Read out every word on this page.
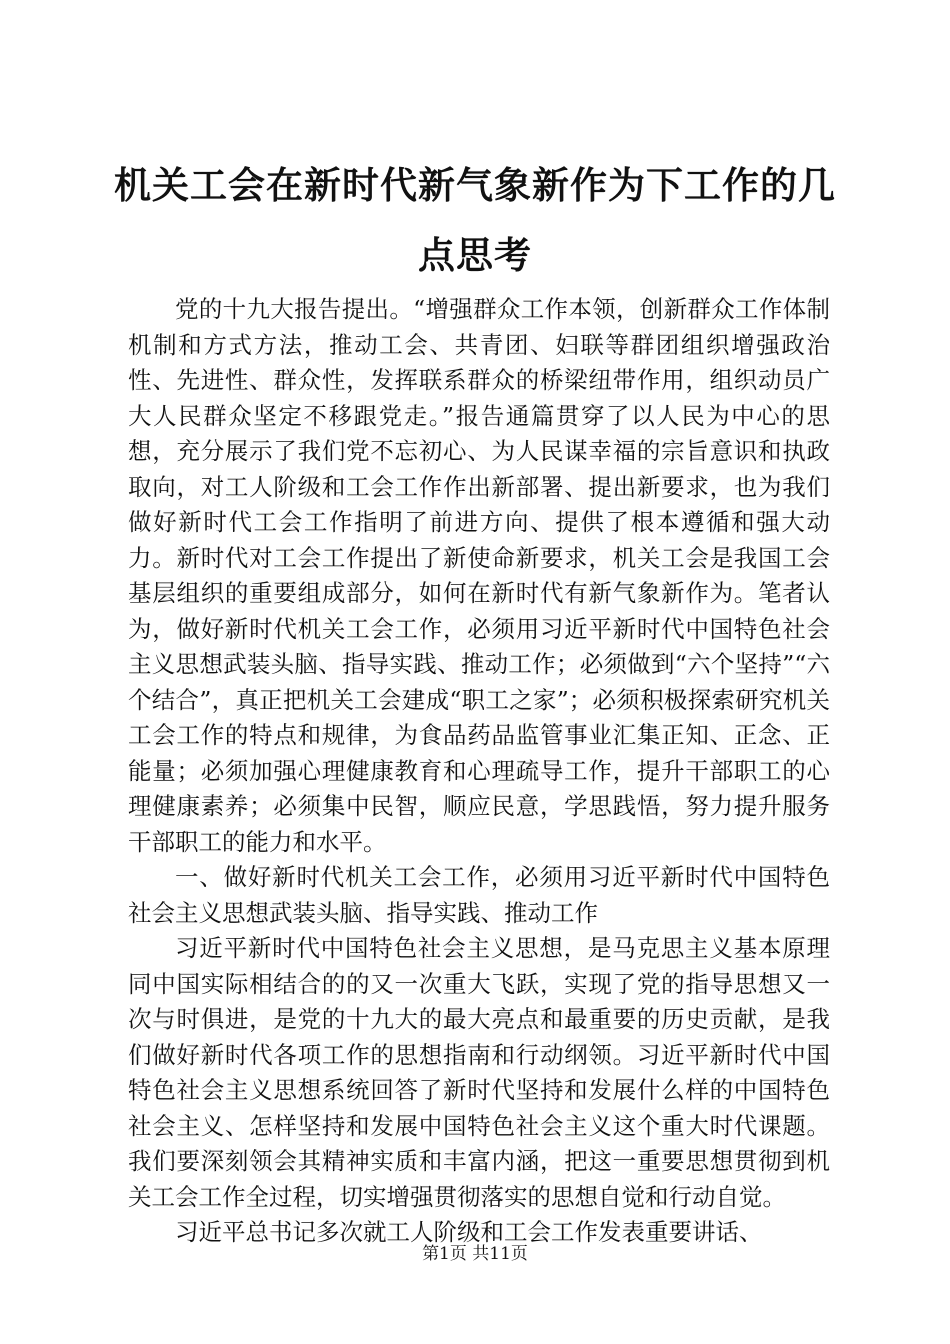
机关工会在新时代新气象新作为下工作的几点思考

党的十九大报告提出。“增强群众工作本领，创新群众工作体制机制和方式方法，推动工会、共青团、妇联等群团组织增强政治性、先进性、群众性，发挥联系群众的桥梁纽带作用，组织动员广大人民群众坚定不移跟党走。”报告通篇贯穿了以人民为中心的思想，充分展示了我们党不忘初心、为人民谋幸福的宗旨意识和执政取向，对工人阶级和工会工作作出新部署、提出新要求，也为我们做好新时代工会工作指明了前进方向、提供了根本遵循和强大动力。新时代对工会工作提出了新使命新要求，机关工会是我国工会基层组织的重要组成部分，如何在新时代有新气象新作为。笔者认为，做好新时代机关工会工作，必须用习近平新时代中国特色社会主义思想武装头脑、指导实践、推动工作；必须做到“六个坚持”“六个结合”，真正把机关工会建成“职工之家”；必须积极探索研究机关工会工作的特点和规律，为食品药品监管事业汇集正知、正念、正能量；必须加强心理健康教育和心理疏导工作，提升干部职工的心理健康素养；必须集中民智，顺应民意，学思践悟，努力提升服务干部职工的能力和水平。

一、做好新时代机关工会工作，必须用习近平新时代中国特色社会主义思想武装头脑、指导实践、推动工作

习近平新时代中国特色社会主义思想，是马克思主义基本原理同中国实际相结合的的又一次重大飞跃，实现了党的指导思想又一次与时俱进，是党的十九大的最大亮点和最重要的历史贡献，是我们做好新时代各项工作的思想指南和行动纲领。习近平新时代中国特色社会主义思想系统回答了新时代坚持和发展什么样的中国特色社会主义、怎样坚持和发展中国特色社会主义这个重大时代课题。我们要深刻领会其精神实质和丰富内涵，把这一重要思想贯彻到机关工会工作全过程，切实增强贯彻落实的思想自觉和行动自觉。

习近平总书记多次就工人阶级和工会工作发表重要讲话、

第1页 共11页
